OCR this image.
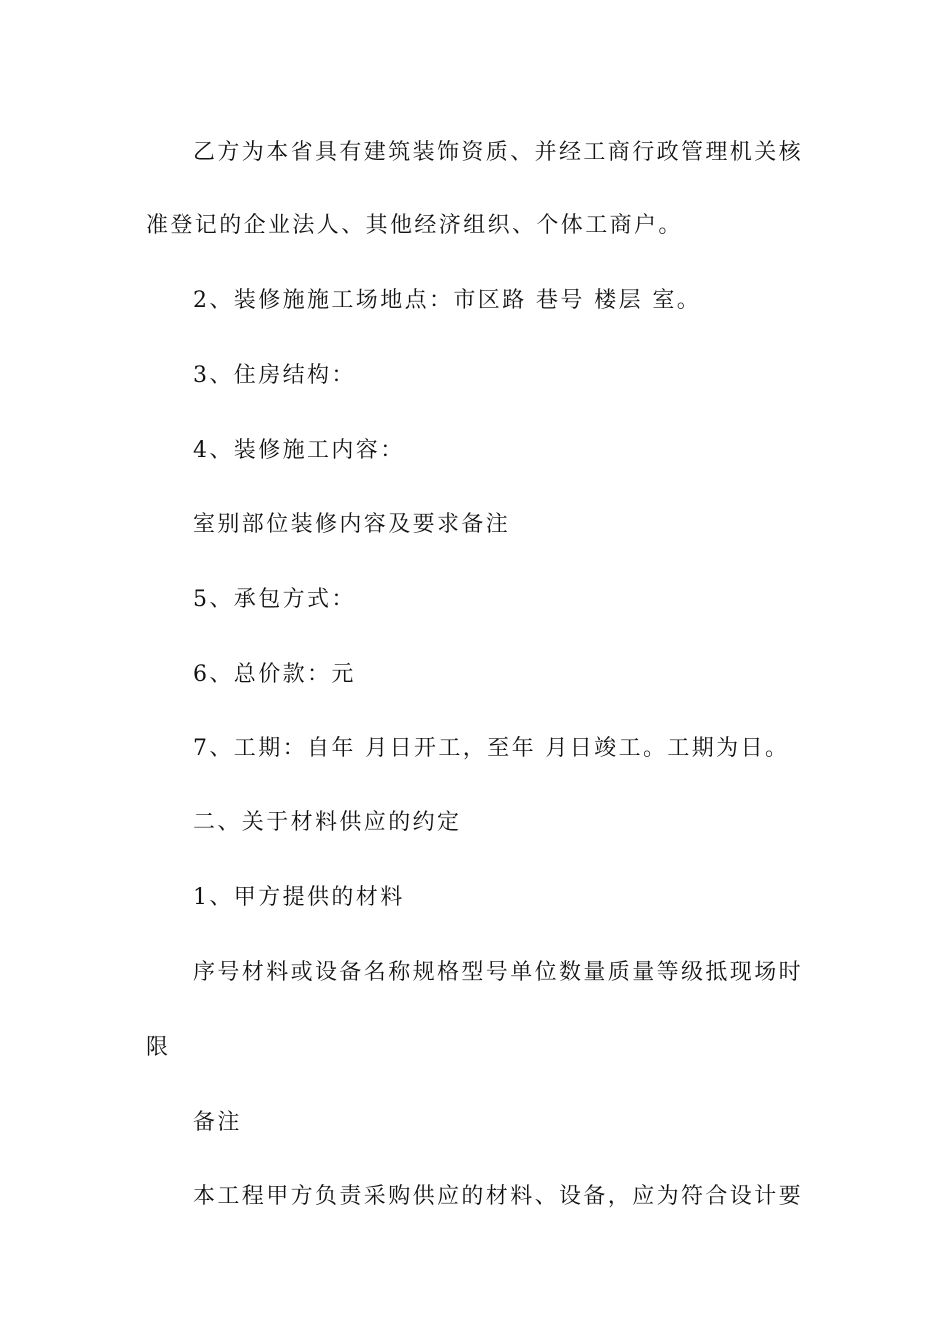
乙方为本省具有建筑装饰资质、并经工商行政管理机关核
准登记的企业法人、其他经济组织、个体工商户。
2、装修施施工场地点：市区路 巷号 楼层 室。
3、住房结构：
4、装修施工内容：
室别部位装修内容及要求备注
5、承包方式：
6、总价款：元
7、工期：自年 月日开工，至年 月日竣工。工期为日。
二、关于材料供应的约定
1、甲方提供的材料
序号材料或设备名称规格型号单位数量质量等级抵现场时
限
备注
本工程甲方负责采购供应的材料、设备，应为符合设计要
